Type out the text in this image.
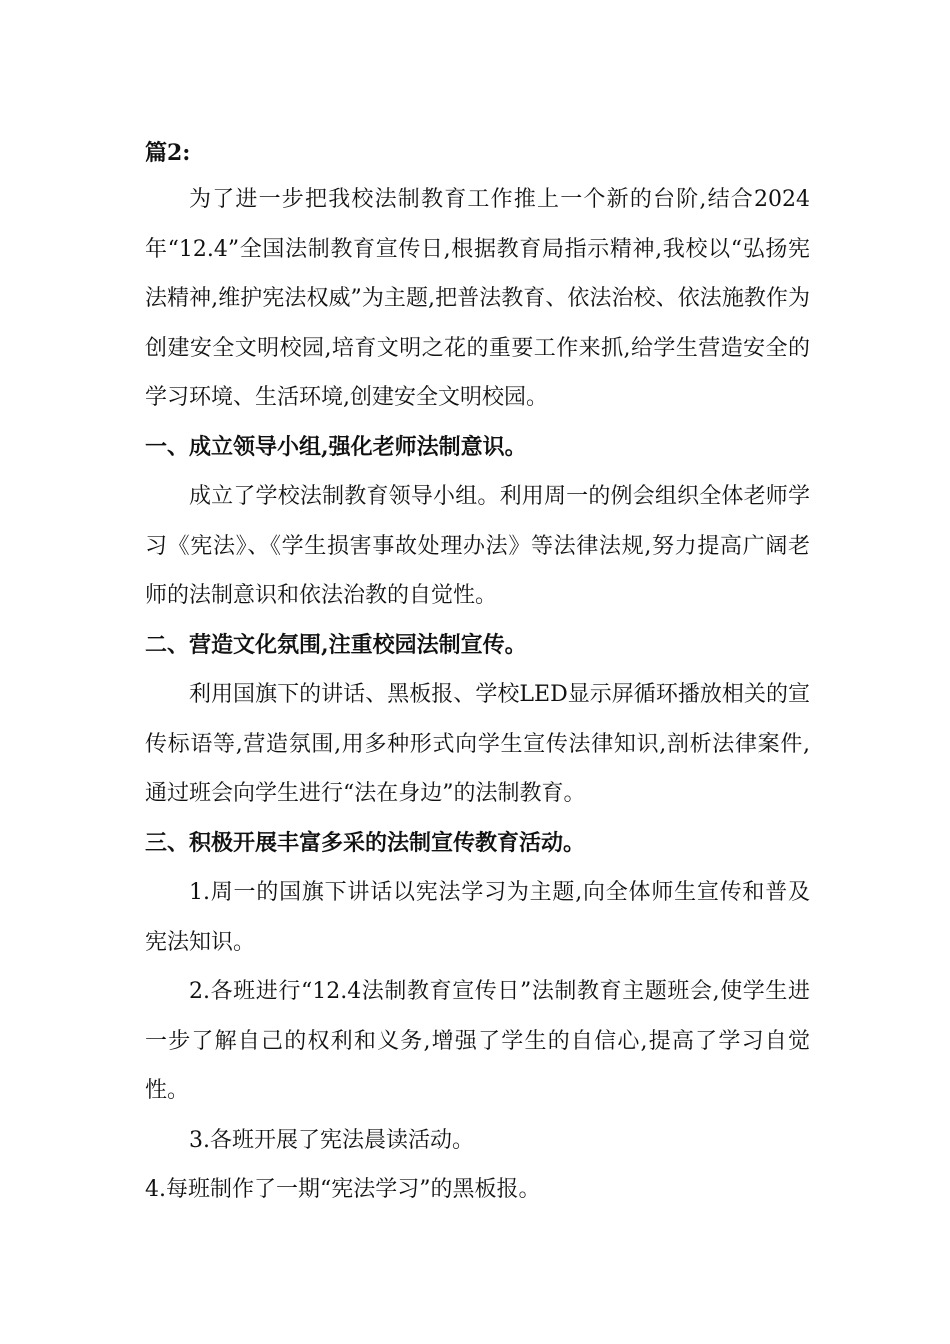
篇2:

为了进一步把我校法制教育工作推上一个新的台阶,结合2024年“12.4”全国法制教育宣传日,根据教育局指示精神,我校以“弘扬宪法精神,维护宪法权威”为主题,把普法教育、依法治校、依法施教作为创建安全文明校园,培育文明之花的重要工作来抓,给学生营造安全的学习环境、生活环境,创建安全文明校园。

一、成立领导小组,强化老师法制意识。

成立了学校法制教育领导小组。利用周一的例会组织全体老师学习《宪法》、《学生损害事故处理办法》等法律法规,努力提高广阔老师的法制意识和依法治教的自觉性。

二、营造文化氛围,注重校园法制宣传。

利用国旗下的讲话、黑板报、学校LED显示屏循环播放相关的宣传标语等,营造氛围,用多种形式向学生宣传法律知识,剖析法律案件,通过班会向学生进行“法在身边”的法制教育。

三、积极开展丰富多采的法制宣传教育活动。

1.周一的国旗下讲话以宪法学习为主题,向全体师生宣传和普及宪法知识。

2.各班进行“12.4法制教育宣传日”法制教育主题班会,使学生进一步了解自己的权利和义务,增强了学生的自信心,提高了学习自觉性。

3.各班开展了宪法晨读活动。

4.每班制作了一期“宪法学习”的黑板报。
